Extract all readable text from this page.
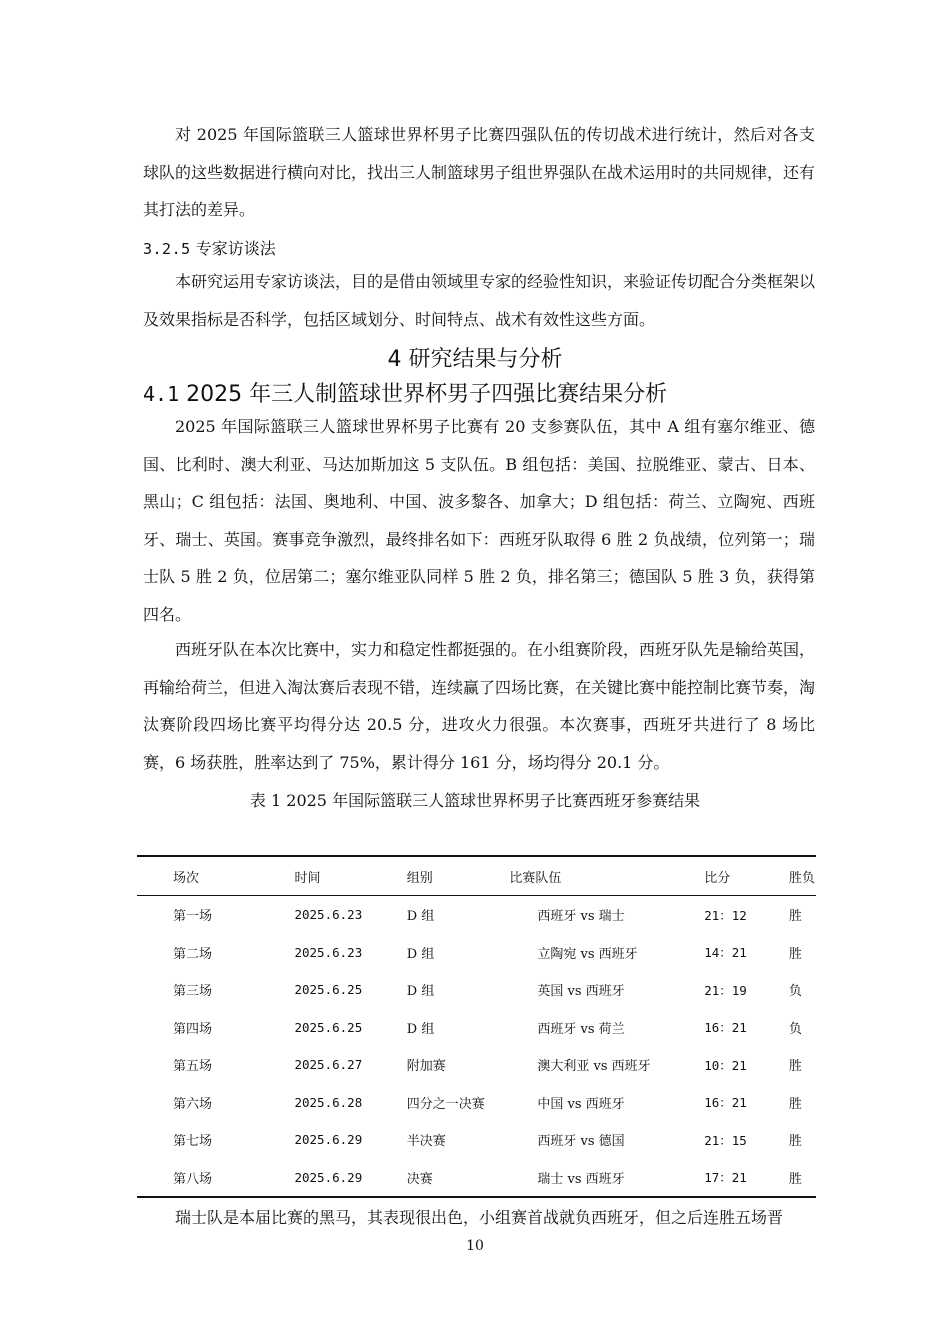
对 2025 年国际篮联三人篮球世界杯男子比赛四强队伍的传切战术进行统计，然后对各支球队的这些数据进行横向对比，找出三人制篮球男子组世界强队在战术运用时的共同规律，还有其打法的差异。

3.2.5 专家访谈法

本研究运用专家访谈法，目的是借由领域里专家的经验性知识，来验证传切配合分类框架以及效果指标是否科学，包括区域划分、时间特点、战术有效性这些方面。

4 研究结果与分析

4.1 2025 年三人制篮球世界杯男子四强比赛结果分析

2025 年国际篮联三人篮球世界杯男子比赛有 20 支参赛队伍，其中 A 组有塞尔维亚、德国、比利时、澳大利亚、马达加斯加这 5 支队伍。B 组包括：美国、拉脱维亚、蒙古、日本、黑山；C 组包括：法国、奥地利、中国、波多黎各、加拿大；D 组包括：荷兰、立陶宛、西班牙、瑞士、英国。赛事竞争激烈，最终排名如下：西班牙队取得 6 胜 2 负战绩，位列第一；瑞士队 5 胜 2 负，位居第二；塞尔维亚队同样 5 胜 2 负，排名第三；德国队 5 胜 3 负，获得第四名。

西班牙队在本次比赛中，实力和稳定性都挺强的。在小组赛阶段，西班牙队先是输给英国，再输给荷兰，但进入淘汰赛后表现不错，连续赢了四场比赛，在关键比赛中能控制比赛节奏，淘汰赛阶段四场比赛平均得分达 20.5 分，进攻火力很强。本次赛事，西班牙共进行了 8 场比赛，6 场获胜，胜率达到了 75%，累计得分 161 分，场均得分 20.1 分。

表 1 2025 年国际篮联三人篮球世界杯男子比赛西班牙参赛结果

场次	时间	组别	比赛队伍	比分	胜负
第一场	2025.6.23	D 组	西班牙 vs 瑞士	21：12	胜
第二场	2025.6.23	D 组	立陶宛 vs 西班牙	14：21	胜
第三场	2025.6.25	D 组	英国 vs 西班牙	21：19	负
第四场	2025.6.25	D 组	西班牙 vs 荷兰	16：21	负
第五场	2025.6.27	附加赛	澳大利亚 vs 西班牙	10：21	胜
第六场	2025.6.28	四分之一决赛	中国 vs 西班牙	16：21	胜
第七场	2025.6.29	半决赛	西班牙 vs 德国	21：15	胜
第八场	2025.6.29	决赛	瑞士 vs 西班牙	17：21	胜

瑞士队是本届比赛的黑马，其表现很出色，小组赛首战就负西班牙，但之后连胜五场晋

10
